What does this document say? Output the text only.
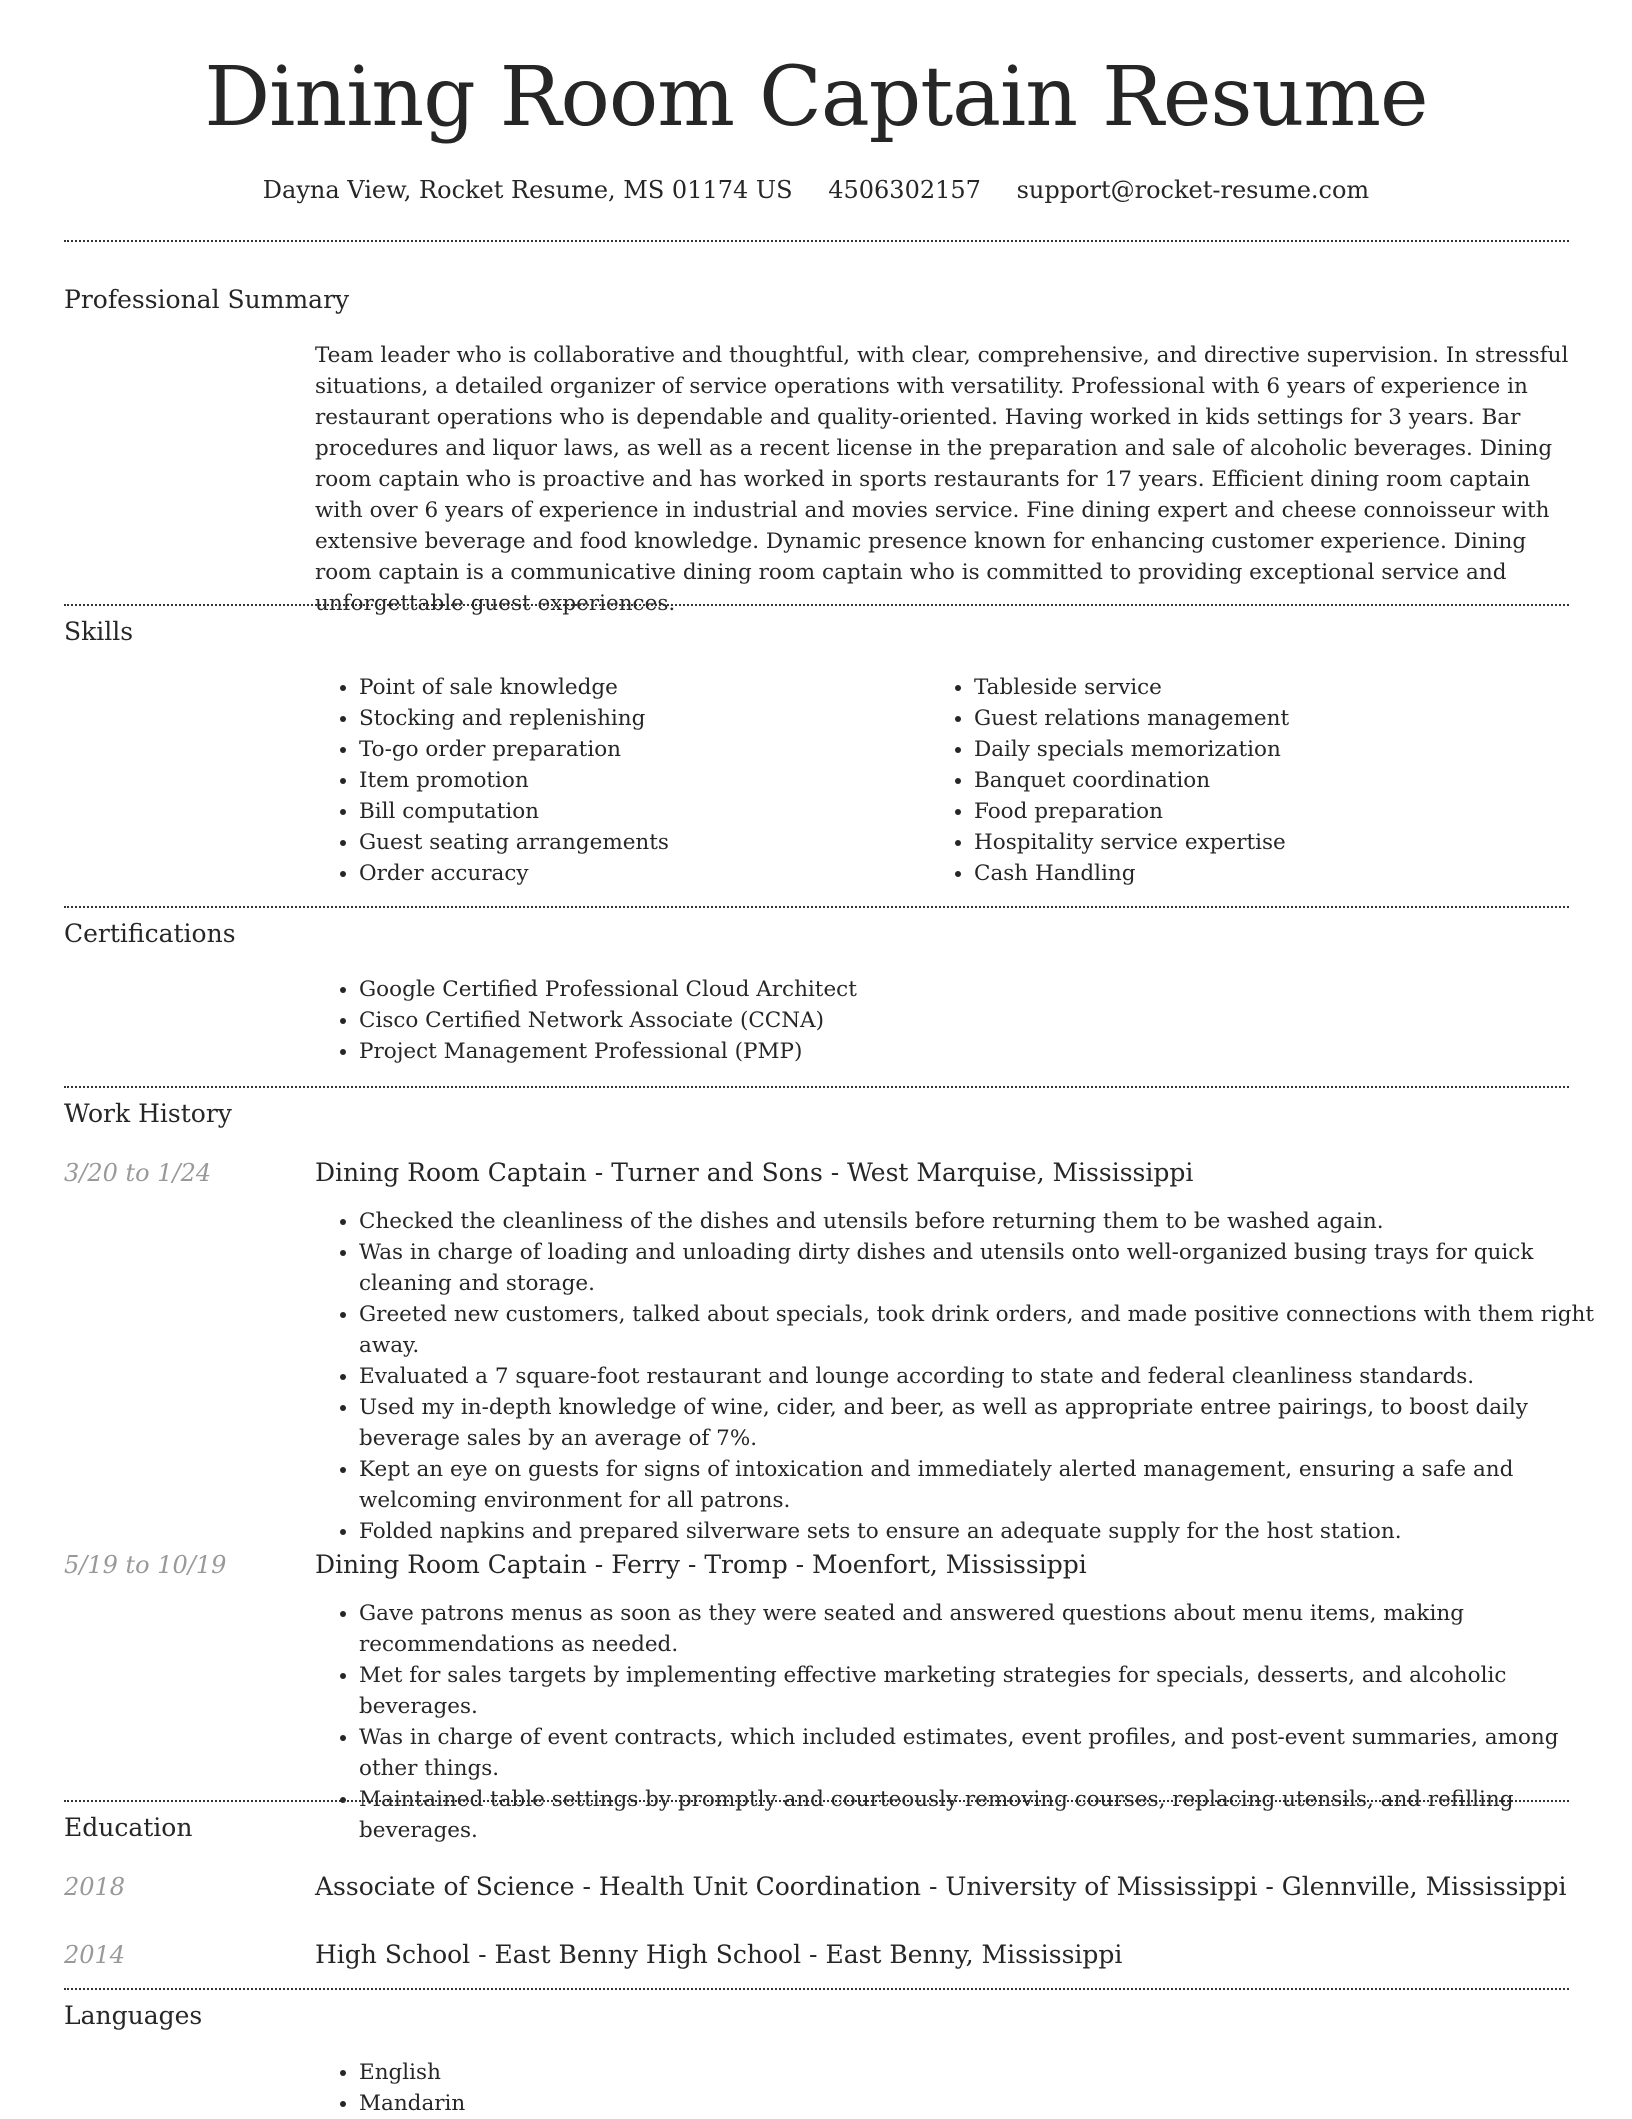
Dining Room Captain Resume
Dayna View, Rocket Resume, MS 01174 US 4506302157 support@rocket-resume.com
Professional Summary
Team leader who is collaborative and thoughtful, with clear, comprehensive, and directive supervision. In stressful situations, a detailed organizer of service operations with versatility. Professional with 6 years of experience in restaurant operations who is dependable and quality-oriented. Having worked in kids settings for 3 years. Bar procedures and liquor laws, as well as a recent license in the preparation and sale of alcoholic beverages. Dining room captain who is proactive and has worked in sports restaurants for 17 years. Efficient dining room captain with over 6 years of experience in industrial and movies service. Fine dining expert and cheese connoisseur with extensive beverage and food knowledge. Dynamic presence known for enhancing customer experience. Dining room captain is a communicative dining room captain who is committed to providing exceptional service and unforgettable guest experiences.
Skills
• Point of sale knowledge
• Stocking and replenishing
• To-go order preparation
• Item promotion
• Bill computation
• Guest seating arrangements
• Order accuracy
• Tableside service
• Guest relations management
• Daily specials memorization
• Banquet coordination
• Food preparation
• Hospitality service expertise
• Cash Handling
Certifications
• Google Certified Professional Cloud Architect
• Cisco Certified Network Associate (CCNA)
• Project Management Professional (PMP)
Work History
3/20 to 1/24	Dining Room Captain - Turner and Sons - West Marquise, Mississippi
• Checked the cleanliness of the dishes and utensils before returning them to be washed again.
• Was in charge of loading and unloading dirty dishes and utensils onto well-organized busing trays for quick cleaning and storage.
• Greeted new customers, talked about specials, took drink orders, and made positive connections with them right away.
• Evaluated a 7 square-foot restaurant and lounge according to state and federal cleanliness standards.
• Used my in-depth knowledge of wine, cider, and beer, as well as appropriate entree pairings, to boost daily beverage sales by an average of 7%.
• Kept an eye on guests for signs of intoxication and immediately alerted management, ensuring a safe and welcoming environment for all patrons.
• Folded napkins and prepared silverware sets to ensure an adequate supply for the host station.
5/19 to 10/19	Dining Room Captain - Ferry - Tromp - Moenfort, Mississippi
• Gave patrons menus as soon as they were seated and answered questions about menu items, making recommendations as needed.
• Met for sales targets by implementing effective marketing strategies for specials, desserts, and alcoholic beverages.
• Was in charge of event contracts, which included estimates, event profiles, and post-event summaries, among other things.
• Maintained table settings by promptly and courteously removing courses, replacing utensils, and refilling beverages.
Education
2018	Associate of Science - Health Unit Coordination - University of Mississippi - Glennville, Mississippi
2014	High School - East Benny High School - East Benny, Mississippi
Languages
• English
• Mandarin
